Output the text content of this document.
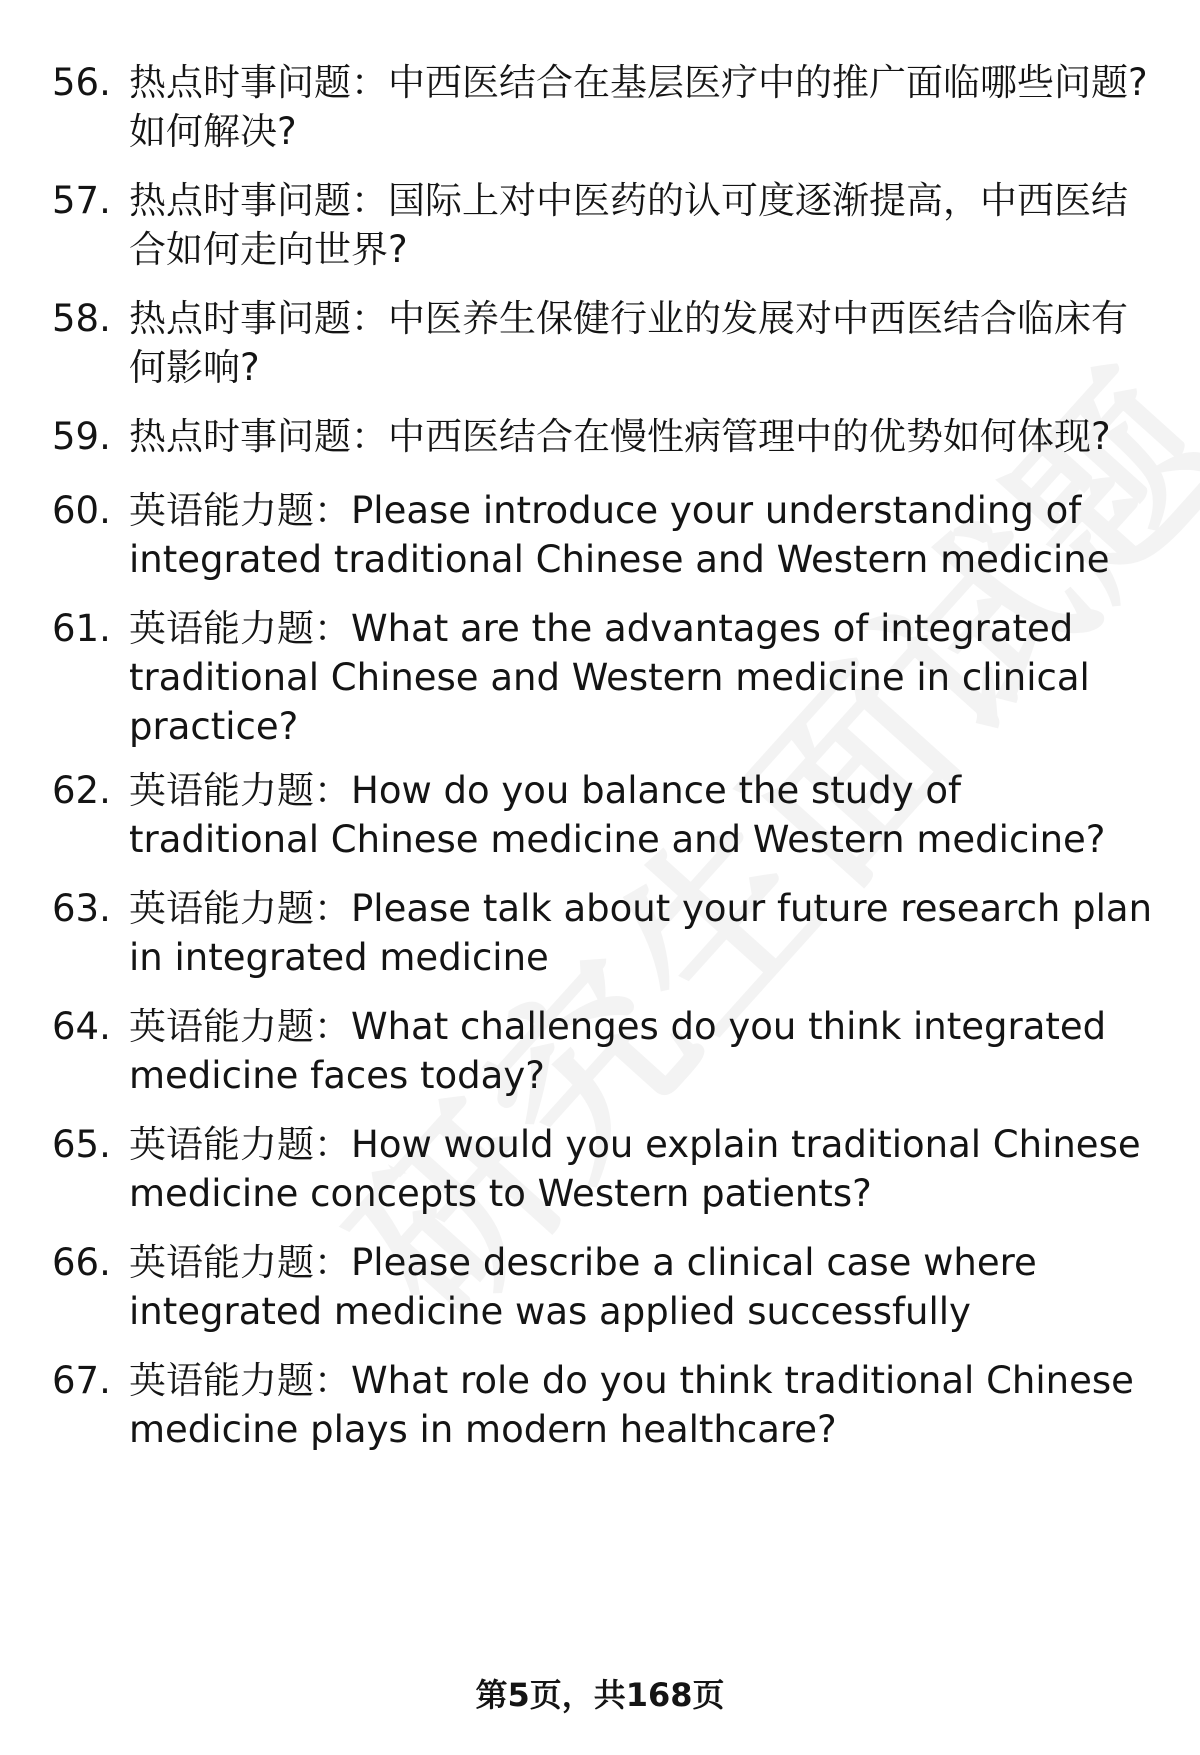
56. 热点时事问题：中西医结合在基层医疗中的推广面临哪些问题?如何解决?
57. 热点时事问题：国际上对中医药的认可度逐渐提高，中西医结合如何走向世界?
58. 热点时事问题：中医养生保健行业的发展对中西医结合临床有何影响?
59. 热点时事问题：中西医结合在慢性病管理中的优势如何体现?
60. 英语能力题：Please introduce your understanding of integrated traditional Chinese and Western medicine
61. 英语能力题：What are the advantages of integrated traditional Chinese and Western medicine in clinical practice?
62. 英语能力题：How do you balance the study of traditional Chinese medicine and Western medicine?
63. 英语能力题：Please talk about your future research plan in integrated medicine
64. 英语能力题：What challenges do you think integrated medicine faces today?
65. 英语能力题：How would you explain traditional Chinese medicine concepts to Western patients?
66. 英语能力题：Please describe a clinical case where integrated medicine was applied successfully
67. 英语能力题：What role do you think traditional Chinese medicine plays in modern healthcare?
第5页，共168页
